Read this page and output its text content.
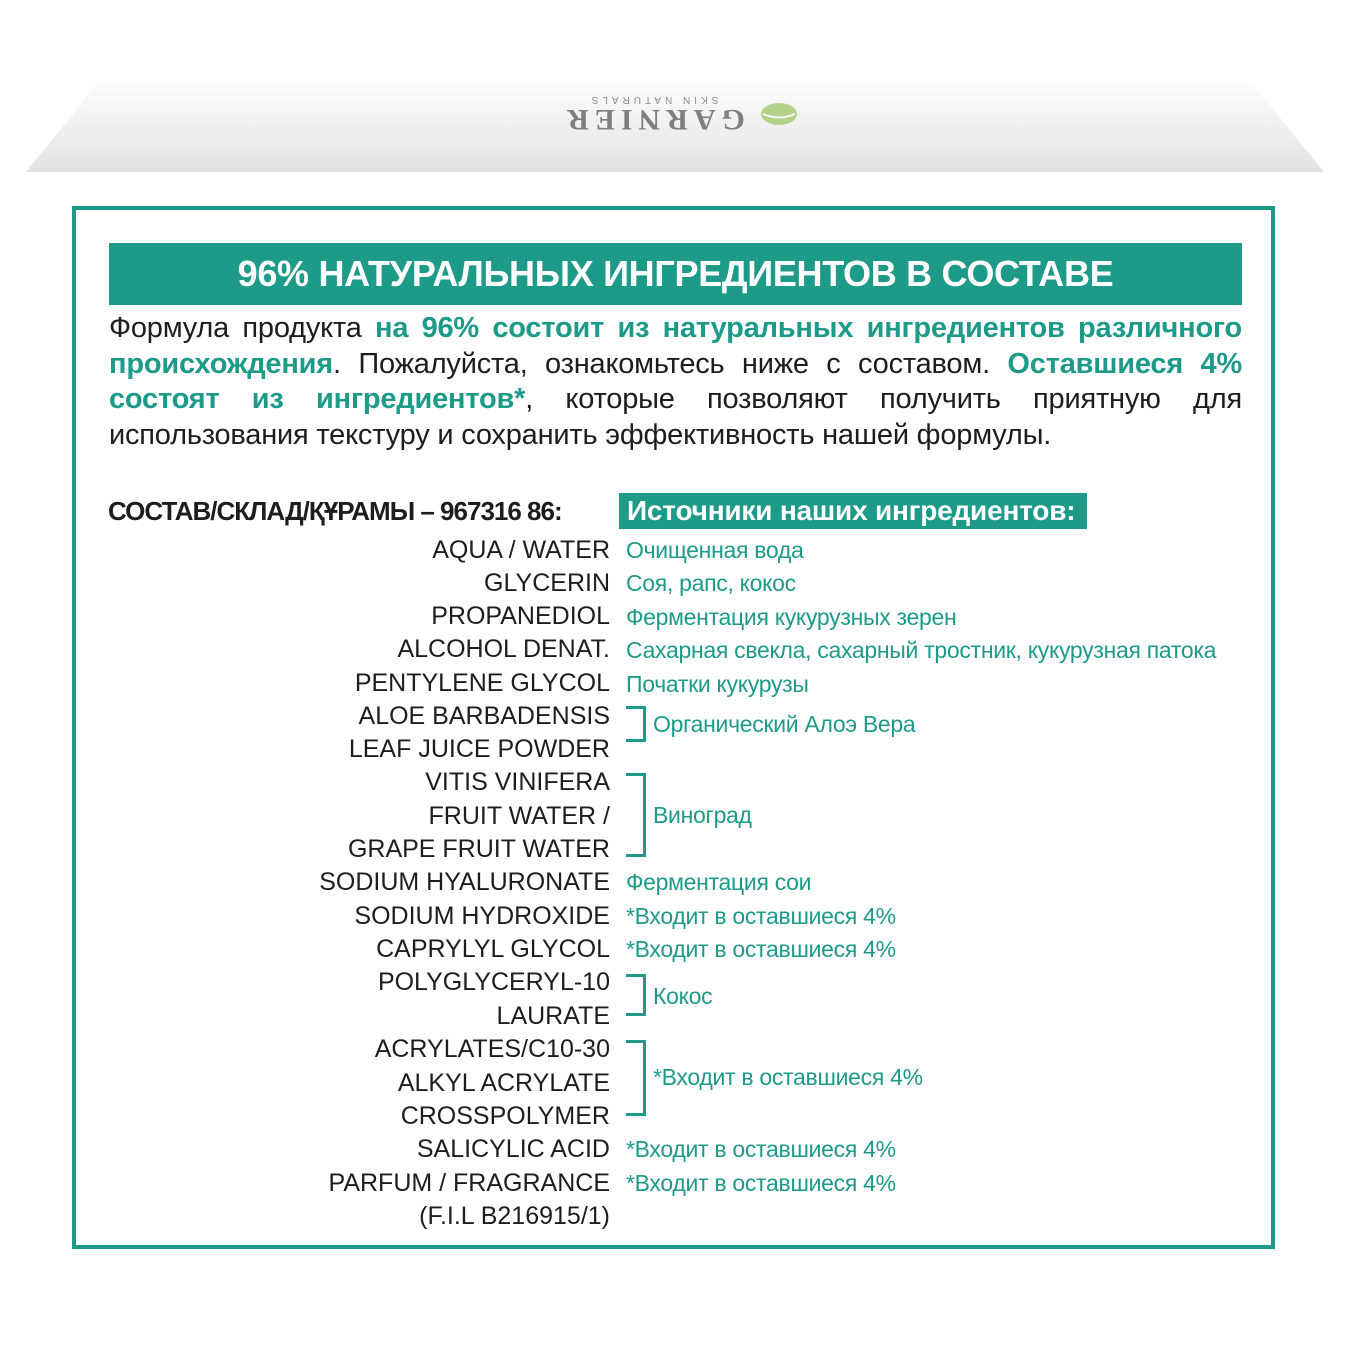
GARNIER
SKIN NATURALS
96% НАТУРАЛЬНЫХ ИНГРЕДИЕНТОВ В СОСТАВЕ
Формула продукта на 96% состоит из натуральных ингредиентов различного происхождения. Пожалуйста, ознакомьтесь ниже с составом. Оставшиеся 4% состоят из ингредиентов*, которые позволяют получить приятную для использования текстуру и сохранить эффективность нашей формулы.
СОСТАВ/СКЛАД/ҚҰРАМЫ – 967316 86: Источники наших ингредиентов:
AQUA / WATER
GLYCERIN
PROPANEDIOL
ALCOHOL DENAT.
PENTYLENE GLYCOL
ALOE BARBADENSIS
LEAF JUICE POWDER
VITIS VINIFERA
FRUIT WATER /
GRAPE FRUIT WATER
SODIUM HYALURONATE
SODIUM HYDROXIDE
CAPRYLYL GLYCOL
POLYGLYCERYL-10
LAURATE
ACRYLATES/C10-30
ALKYL ACRYLATE
CROSSPOLYMER
SALICYLIC ACID
PARFUM / FRAGRANCE
(F.I.L B216915/1)
Очищенная вода
Соя, рапс, кокос
Ферментация кукурузных зерен
Сахарная свекла, сахарный тростник, кукурузная патока
Початки кукурузы
Органический Алоэ Вера
Виноград
Ферментация сои
*Входит в оставшиеся 4%
*Входит в оставшиеся 4%
Кокос
*Входит в оставшиеся 4%
*Входит в оставшиеся 4%
*Входит в оставшиеся 4%
